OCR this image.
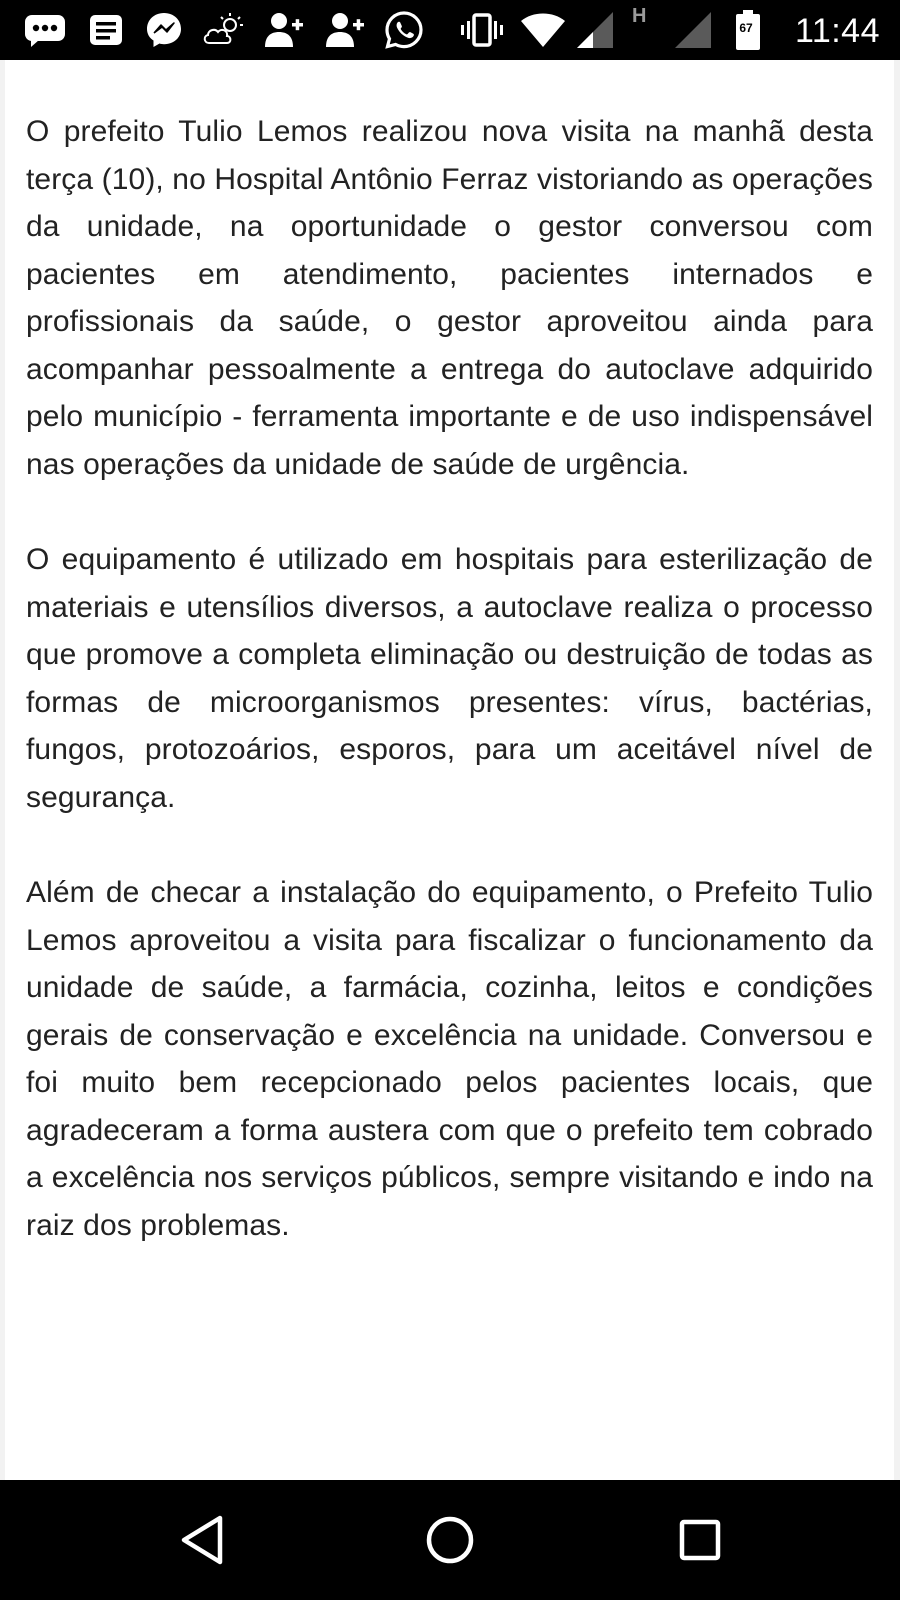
H
67 11:44

O prefeito Tulio Lemos realizou nova visita na manhã desta terça (10), no Hospital Antônio Ferraz vistoriando as operações da unidade, na oportunidade o gestor conversou com pacientes em atendimento, pacientes internados e profissionais da saúde, o gestor aproveitou ainda para acompanhar pessoalmente a entrega do autoclave adquirido pelo município - ferramenta importante e de uso indispensável nas operações da unidade de saúde de urgência.

O equipamento é utilizado em hospitais para esterilização de materiais e utensílios diversos, a autoclave realiza o processo que promove a completa eliminação ou destruição de todas as formas de microorganismos presentes: vírus, bactérias, fungos, protozoários, esporos, para um aceitável nível de segurança.

Além de checar a instalação do equipamento, o Prefeito Tulio Lemos aproveitou a visita para fiscalizar o funcionamento da unidade de saúde, a farmácia, cozinha, leitos e condições gerais de conservação e excelência na unidade. Conversou e foi muito bem recepcionado pelos pacientes locais, que agradeceram a forma austera com que o prefeito tem cobrado a excelência nos serviços públicos, sempre visitando e indo na raiz dos problemas.
